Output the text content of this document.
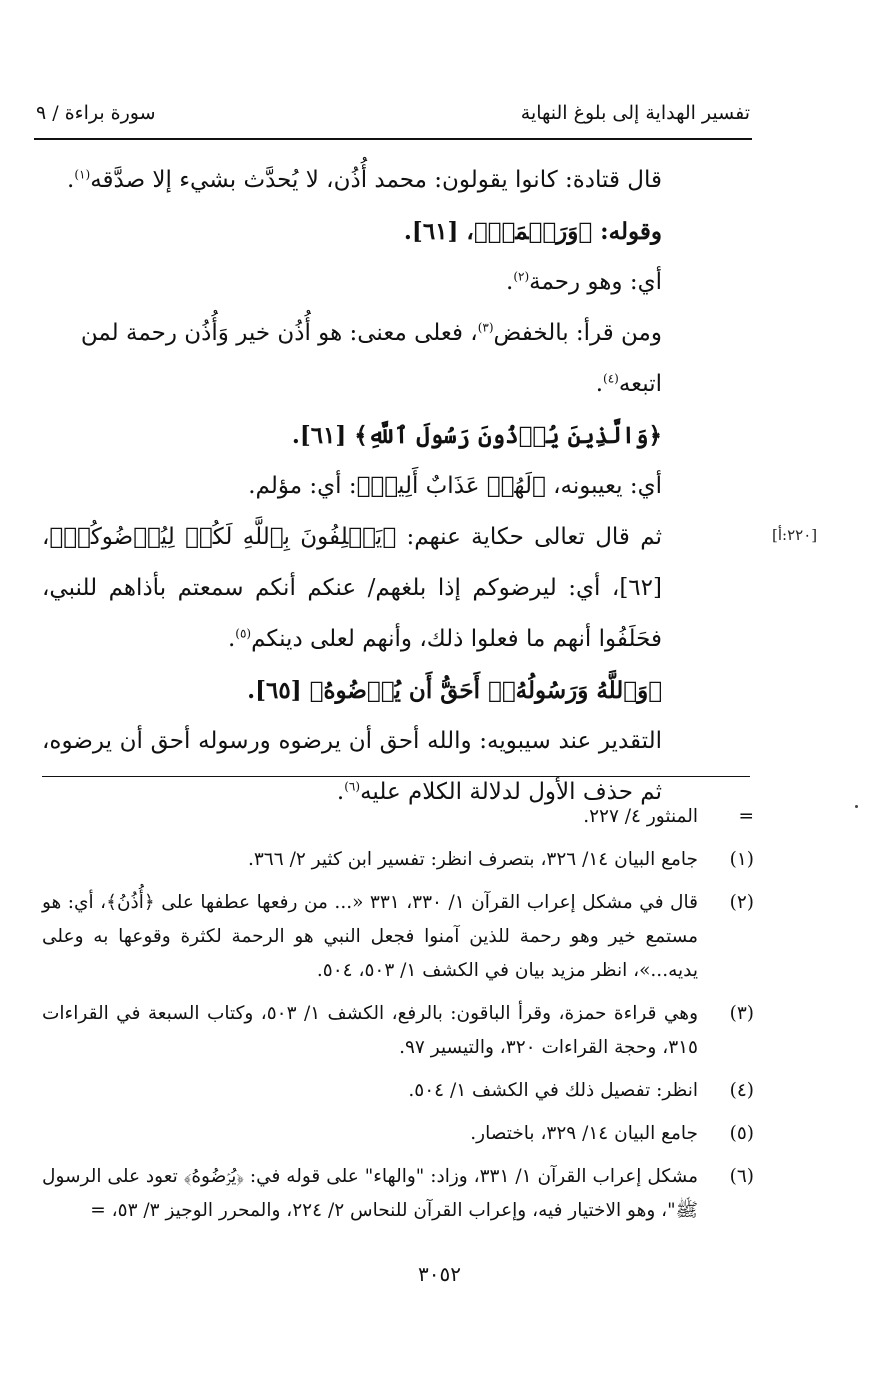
تفسير الهداية إلى بلوغ النهاية
سورة براءة / ٩

قال قتادة: كانوا يقولون: محمد أُذُن، لا يُحدَّث بشيء إلا صدَّقه$^{(١)}$.

وقوله: ﴿وَرَحۡمَةٞ﴾، [٦١].

أي: وهو رحمة$^{(٢)}$.

ومن قرأ: بالخفض$^{(٣)}$، فعلى معنى: هو أُذُن خير وَأُذُن رحمة لمن اتبعه$^{(٤)}$.

﴿وَالَّذِينَ يُؤۡذُونَ رَسُولَ ٱللَّهِ﴾ [٦١].

أي: يعيبونه، ﴿لَهُمۡ عَذَابٌ أَلِيمٞ﴾: أي: مؤلم.

ثم قال تعالى حكاية عنهم: ﴿يَحۡلِفُونَ بِٱللَّهِ لَكُمۡ لِيُرۡضُوكُمۡ﴾، [٦٢]، أي: ليرضوكم إذا بلغهم/ عنكم أنكم سمعتم بأذاهم للنبي، فحَلَفُوا أنهم ما فعلوا ذلك، وأنهم لعلى دينكم$^{(٥)}$.

﴿وَٱللَّهُ وَرَسُولُهُۥٓ أَحَقُّ أَن يُرۡضُوهُ﴾ [٦٥].

التقدير عند سيبويه: والله أحق أن يرضوه ورسوله أحق أن يرضوه، ثم حذف الأول لدلالة الكلام عليه$^{(٦)}$.

[٢٢٠:أ]
=
المنثور ٤/ ٢٢٧.
(١)
جامع البيان ١٤/ ٣٢٦، بتصرف انظر: تفسير ابن كثير ٢/ ٣٦٦.
(٢)
قال في مشكل إعراب القرآن ١/ ٣٣٠، ٣٣١ «... من رفعها عطفها على ﴿أُذُنُ﴾، أي: هو مستمع خير وهو رحمة للذين آمنوا فجعل النبي هو الرحمة لكثرة وقوعها به وعلى يديه...»، انظر مزيد بيان في الكشف ١/ ٥٠٣، ٥٠٤.
(٣)
وهي قراءة حمزة، وقرأ الباقون: بالرفع، الكشف ١/ ٥٠٣، وكتاب السبعة في القراءات ٣١٥، وحجة القراءات ٣٢٠، والتيسير ٩٧.
(٤)
انظر: تفصيل ذلك في الكشف ١/ ٥٠٤.
(٥)
جامع البيان ١٤/ ٣٢٩، باختصار.
(٦)
مشكل إعراب القرآن ١/ ٣٣١، وزاد: "والهاء" على قوله في: ﴿يُرۡضُوهُ﴾ تعود على الرسول ﷺ"، وهو الاختيار فيه، وإعراب القرآن للنحاس ٢/ ٢٢٤، والمحرر الوجيز ٣/ ٥٣، =
٣٠٥٢
